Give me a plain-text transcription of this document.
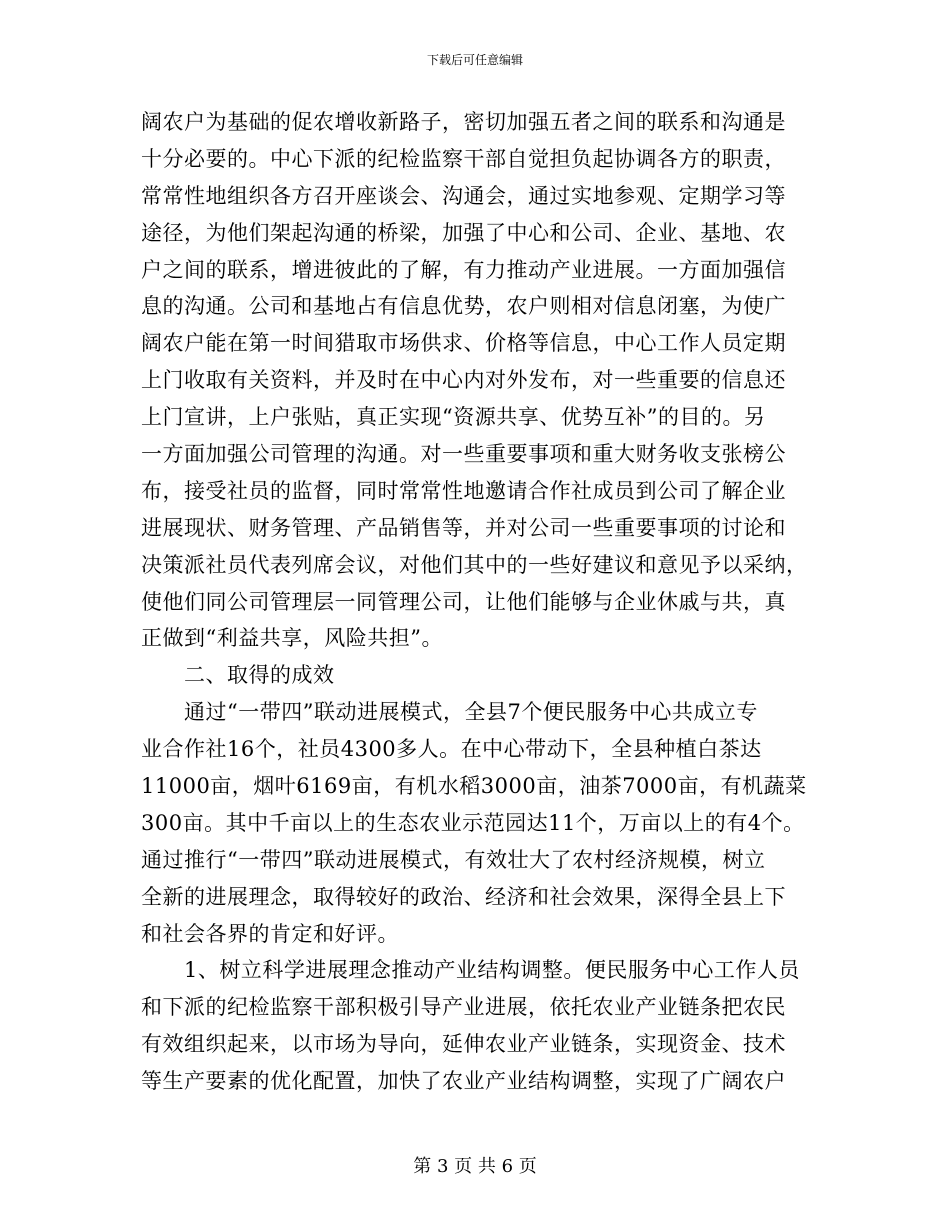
下载后可任意编辑
阔农户为基础的促农增收新路子，密切加强五者之间的联系和沟通是
十分必要的。中心下派的纪检监察干部自觉担负起协调各方的职责，
常常性地组织各方召开座谈会、沟通会，通过实地参观、定期学习等
途径，为他们架起沟通的桥梁，加强了中心和公司、企业、基地、农
户之间的联系，增进彼此的了解，有力推动产业进展。一方面加强信
息的沟通。公司和基地占有信息优势，农户则相对信息闭塞，为使广
阔农户能在第一时间猎取市场供求、价格等信息，中心工作人员定期
上门收取有关资料，并及时在中心内对外发布，对一些重要的信息还
上门宣讲，上户张贴，真正实现“资源共享、优势互补”的目的。另
一方面加强公司管理的沟通。对一些重要事项和重大财务收支张榜公
布，接受社员的监督，同时常常性地邀请合作社成员到公司了解企业
进展现状、财务管理、产品销售等，并对公司一些重要事项的讨论和
决策派社员代表列席会议，对他们其中的一些好建议和意见予以采纳，
使他们同公司管理层一同管理公司，让他们能够与企业休戚与共，真
正做到“利益共享，风险共担”。
　　二、取得的成效
　　通过“一带四”联动进展模式，全县7个便民服务中心共成立专
业合作社16个，社员4300多人。在中心带动下，全县种植白茶达
11000亩，烟叶6169亩，有机水稻3000亩，油茶7000亩，有机蔬菜
300亩。其中千亩以上的生态农业示范园达11个，万亩以上的有4个。
通过推行“一带四”联动进展模式，有效壮大了农村经济规模，树立
全新的进展理念，取得较好的政治、经济和社会效果，深得全县上下
和社会各界的肯定和好评。
　　1、树立科学进展理念推动产业结构调整。便民服务中心工作人员
和下派的纪检监察干部积极引导产业进展，依托农业产业链条把农民
有效组织起来，以市场为导向，延伸农业产业链条，实现资金、技术
等生产要素的优化配置，加快了农业产业结构调整，实现了广阔农户
第 3 页 共 6 页
